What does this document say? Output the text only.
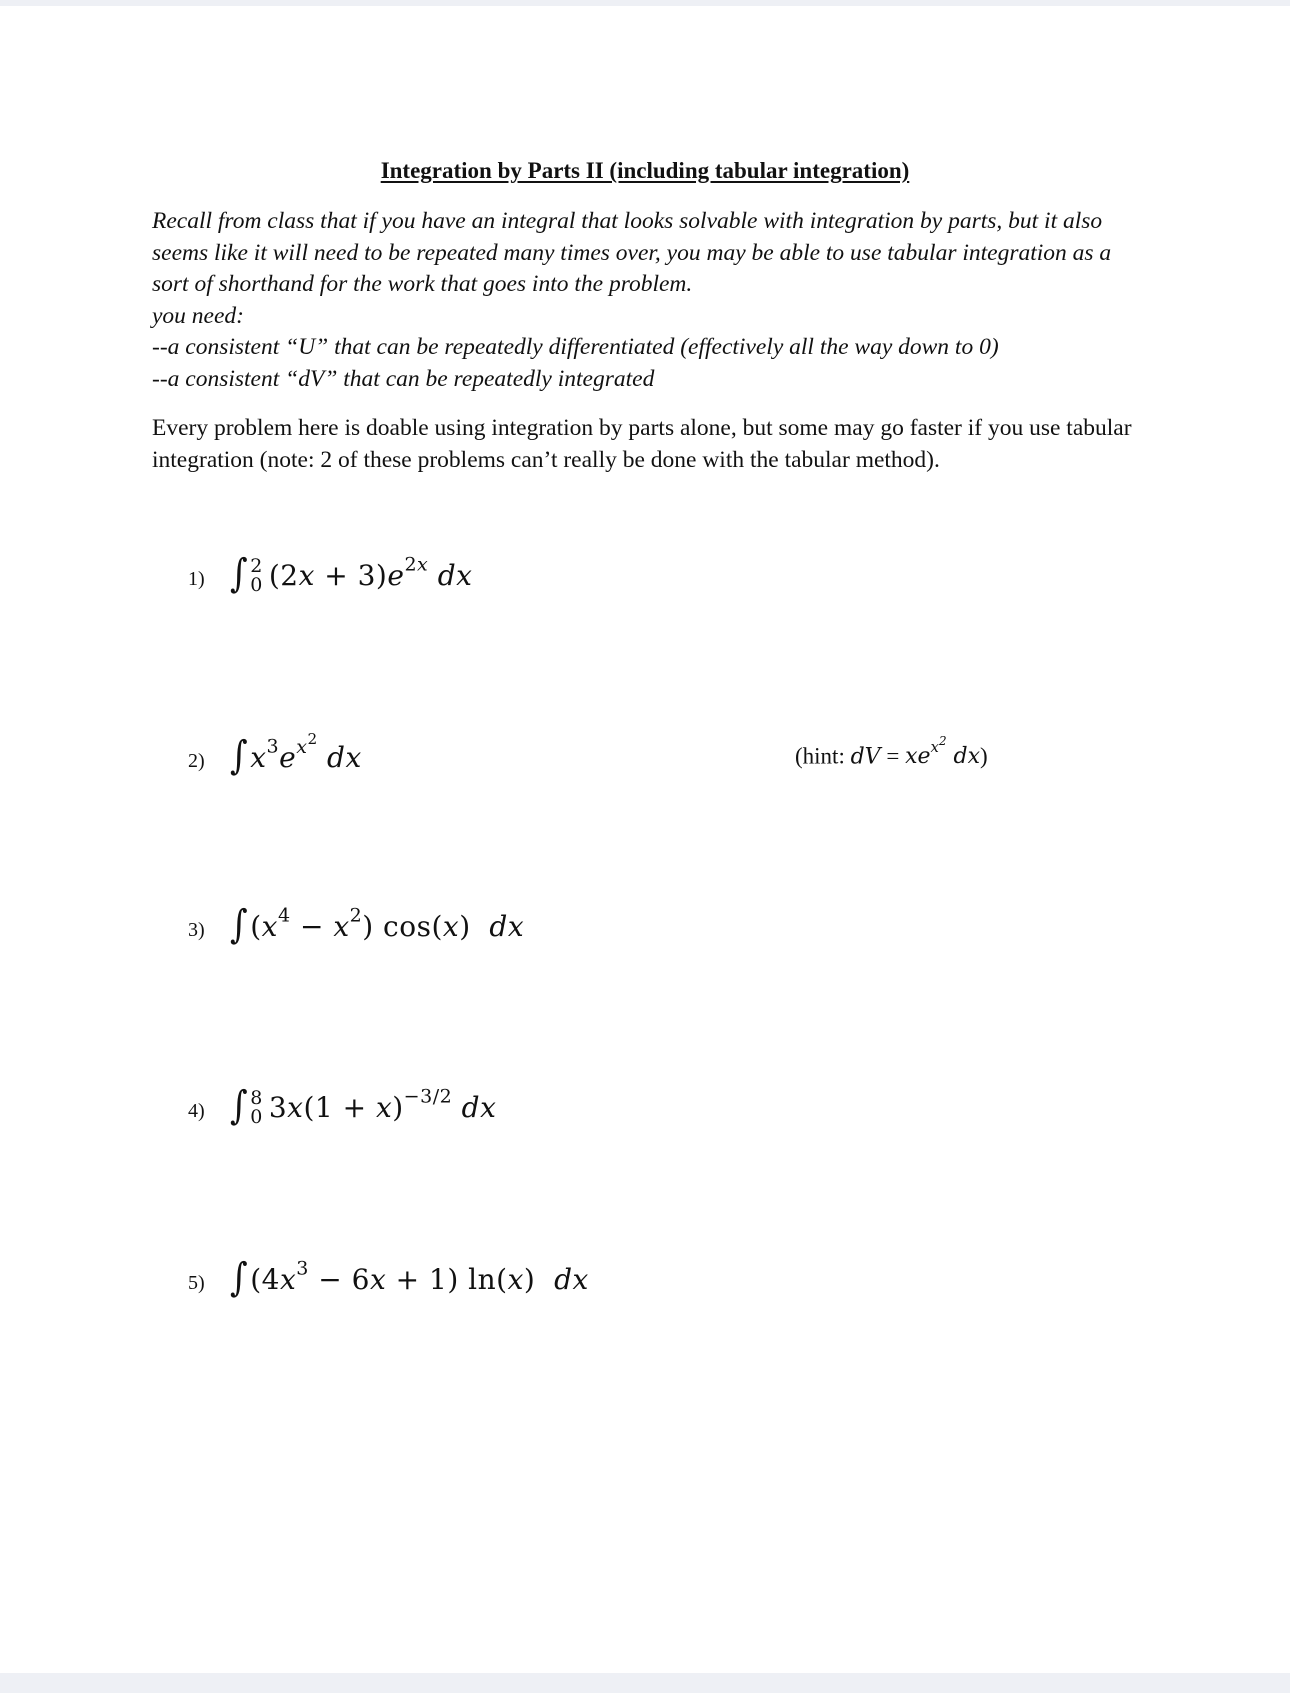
Integration by Parts II (including tabular integration)

Recall from class that if you have an integral that looks solvable with integration by parts, but it also seems like it will need to be repeated many times over, you may be able to use tabular integration as a sort of shorthand for the work that goes into the problem.

you need:

--a consistent “U” that can be repeatedly differentiated (effectively all the way down to 0)

--a consistent “dV” that can be repeatedly integrated

Every problem here is doable using integration by parts alone, but some may go faster if you use tabular integration (note: 2 of these problems can’t really be done with the tabular method).

1) ∫ 2
0 $(2x + 3)e^{2x}$ dx
2) $\int x^3e^{x^2}$ dx	(hint: dV = $xe^{x^2}$ dx)
3) $\int(x^4 - x^2)$ cos(x)  dx
4) ∫ 8
0 $3x(1 + x)^{-3/2}$ dx
5) $\int(4x^3 - 6x + 1)$ ln(x)  dx
